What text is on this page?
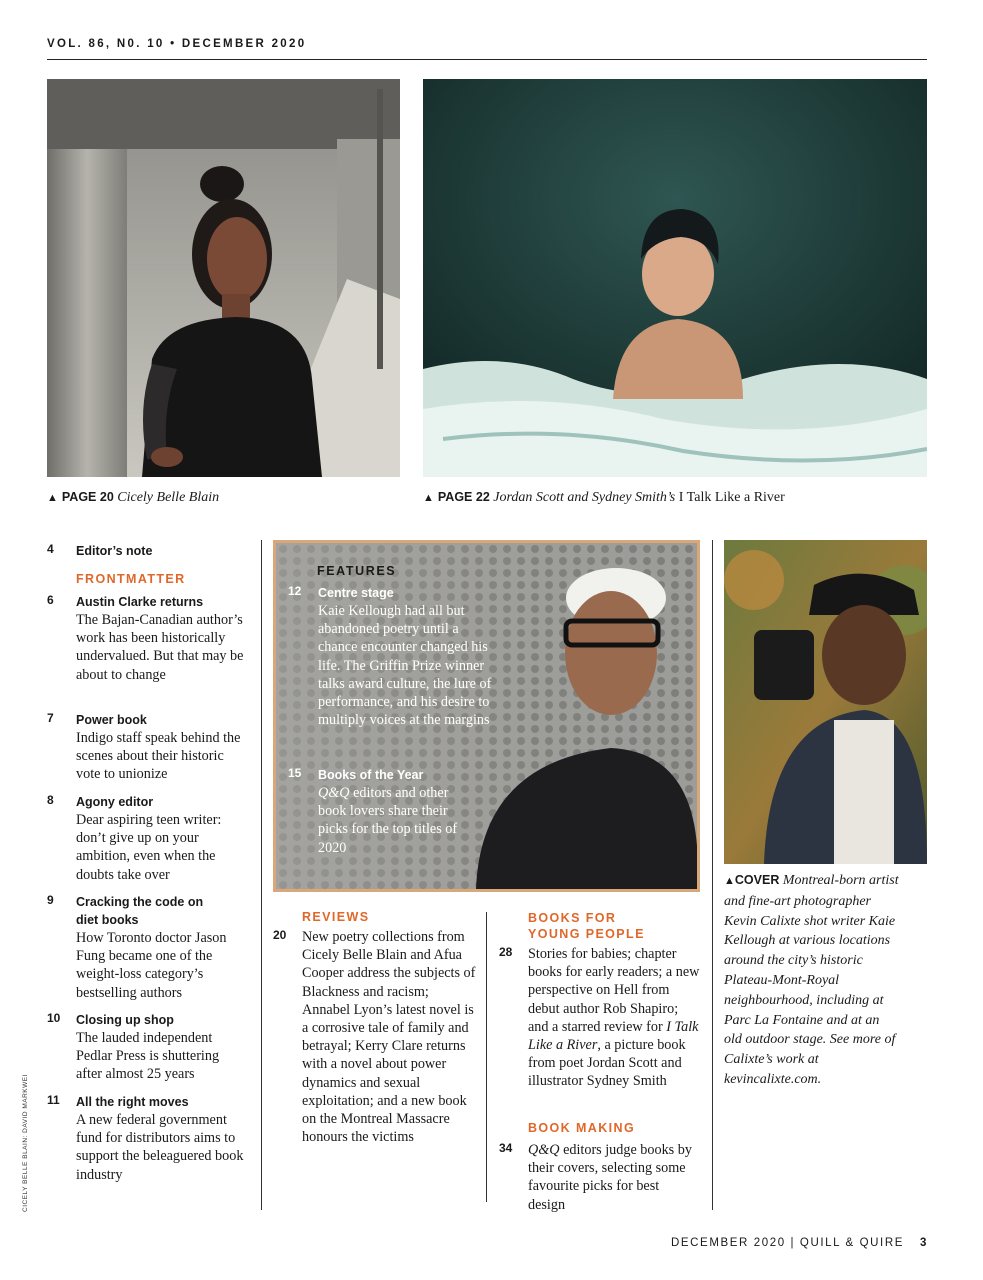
VOL. 86, N0. 10 • DECEMBER 2020
▲ PAGE 20 Cicely Belle Blain	▲ PAGE 22 Jordan Scott and Sydney Smith’s I Talk Like a River
4 Editor’s note
FRONTMATTER
6 Austin Clarke returns
The Bajan-Canadian author’s work has been historically undervalued. But that may be about to change
7 Power book
Indigo staff speak behind the scenes about their historic vote to unionize
8 Agony editor
Dear aspiring teen writer: don’t give up on your ambition, even when the doubts take over
9 Cracking the code on diet books
How Toronto doctor Jason Fung became one of the weight-loss category’s bestselling authors
10 Closing up shop
The lauded independent Pedlar Press is shuttering after almost 25 years
11 All the right moves
A new federal government fund for distributors aims to support the beleaguered book industry
FEATURES
12 Centre stage
Kaie Kellough had all but abandoned poetry until a chance encounter changed his life. The Griffin Prize winner talks award culture, the lure of performance, and his desire to multiply voices at the margins
15 Books of the Year
Q&Q editors and other book lovers share their picks for the top titles of 2020
REVIEWS
20 New poetry collections from Cicely Belle Blain and Afua Cooper address the subjects of Blackness and racism; Annabel Lyon’s latest novel is a corrosive tale of family and betrayal; Kerry Clare returns with a novel about power dynamics and sexual exploitation; and a new book on the Montreal Massacre honours the victims
BOOKS FOR YOUNG PEOPLE
28 Stories for babies; chapter books for early readers; a new perspective on Hell from debut author Rob Shapiro; and a starred review for I Talk Like a River, a picture book from poet Jordan Scott and illustrator Sydney Smith
BOOK MAKING
34 Q&Q editors judge books by their covers, selecting some favourite picks for best design
▲COVER Montreal-born artist and fine-art photographer Kevin Calixte shot writer Kaie Kellough at various locations around the city’s historic Plateau-Mont-Royal neighbourhood, including at Parc La Fontaine and at an old outdoor stage. See more of Calixte’s work at kevincalixte.com.
CICELY BELLE BLAIN: DAVID MARKWEI
DECEMBER 2020 | QUILL & QUIRE 3
